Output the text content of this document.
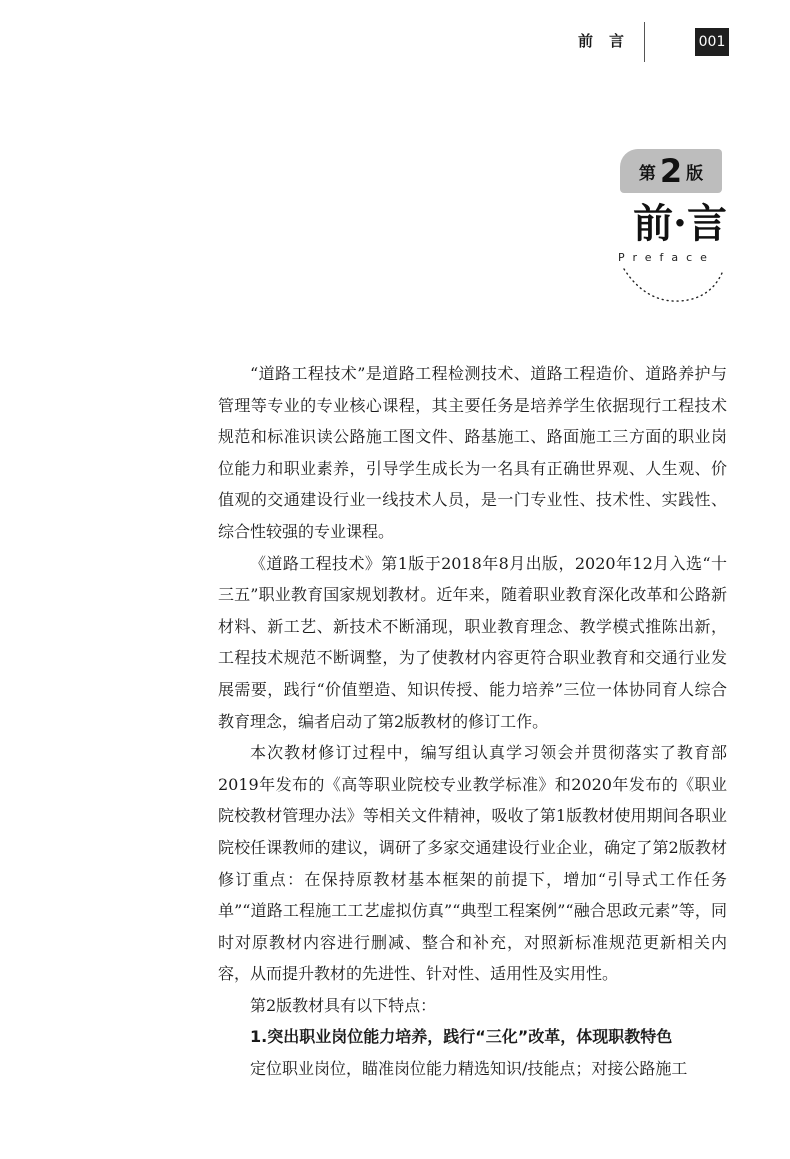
前言	001
第 2 版
前·言
Preface

“道路工程技术”是道路工程检测技术、道路工程造价、道路养护与管理等专业的专业核心课程，其主要任务是培养学生依据现行工程技术规范和标准识读公路施工图文件、路基施工、路面施工三方面的职业岗位能力和职业素养，引导学生成长为一名具有正确世界观、人生观、价值观的交通建设行业一线技术人员，是一门专业性、技术性、实践性、综合性较强的专业课程。

《道路工程技术》第1版于2018年8月出版，2020年12月入选“十三五”职业教育国家规划教材。近年来，随着职业教育深化改革和公路新材料、新工艺、新技术不断涌现，职业教育理念、教学模式推陈出新，工程技术规范不断调整，为了使教材内容更符合职业教育和交通行业发展需要，践行“价值塑造、知识传授、能力培养”三位一体协同育人综合教育理念，编者启动了第2版教材的修订工作。

本次教材修订过程中，编写组认真学习领会并贯彻落实了教育部2019年发布的《高等职业院校专业教学标准》和2020年发布的《职业院校教材管理办法》等相关文件精神，吸收了第1版教材使用期间各职业院校任课教师的建议，调研了多家交通建设行业企业，确定了第2版教材修订重点：在保持原教材基本框架的前提下，增加“引导式工作任务单”“道路工程施工工艺虚拟仿真”“典型工程案例”“融合思政元素”等，同时对原教材内容进行删减、整合和补充，对照新标准规范更新相关内容，从而提升教材的先进性、针对性、适用性及实用性。

第2版教材具有以下特点：

1.突出职业岗位能力培养，践行“三化”改革，体现职教特色

定位职业岗位，瞄准岗位能力精选知识/技能点；对接公路施工
